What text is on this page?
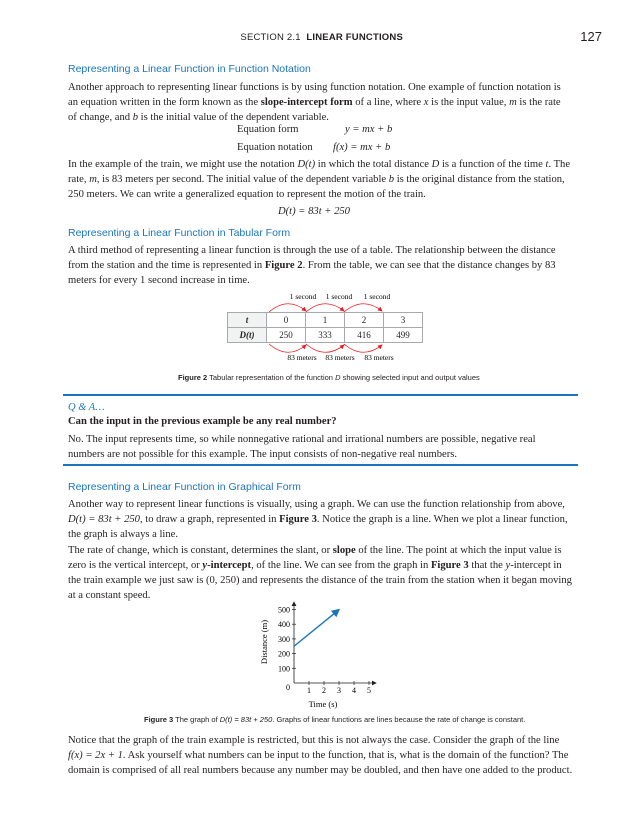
SECTION 2.1 LINEAR FUNCTIONS	127
Representing a Linear Function in Function Notation

Another approach to representing linear functions is by using function notation. One example of function notation is
an equation written in the form known as the slope-intercept form of a line, where x is the input value, m is the rate
of change, and b is the initial value of the dependent variable.

Equation form	y = mx + b
Equation notation f(x) = mx + b

In the example of the train, we might use the notation D(t) in which the total distance D is a function of the time t. The
rate, m, is 83 meters per second. The initial value of the dependent variable b is the original distance from the station,
250 meters. We can write a generalized equation to represent the motion of the train.

D(t) = 83t + 250
Representing a Linear Function in Tabular Form

A third method of representing a linear function is through the use of a table. The relationship between the distance
from the station and the time is represented in Figure 2. From the table, we can see that the distance changes by 83
meters for every 1 second increase in time.

1 second 1 second 1 second
83 meters 83 meters 83 meters
t	0	1	2	3
D(t)	250	333	416	499
Figure 2 Tabular representation of the function D showing selected input and output values
Q & A…

Can the input in the previous example be any real number?
No. The input represents time, so while nonnegative rational and irrational numbers are possible, negative real
numbers are not possible for this example. The input consists of non-negative real numbers.

Representing a Linear Function in Graphical Form

Another way to represent linear functions is visually, using a graph. We can use the function relationship from above,
D(t) = 83t + 250, to draw a graph, represented in Figure 3. Notice the graph is a line. When we plot a linear function,
the graph is always a line.

The rate of change, which is constant, determines the slant, or slope of the line. The point at which the input value is
zero is the vertical intercept, or y-intercept, of the line. We can see from the graph in Figure 3 that the y-intercept in
the train example we just saw is (0, 250) and represents the distance of the train from the station when it began moving
at a constant speed.

1 2 3 4 5
100
200
300
400
500
0
Time (s)
Distance (m)
Figure 3 The graph of D(t) = 83t + 250. Graphs of linear functions are lines because the rate of change is constant.

Notice that the graph of the train example is restricted, but this is not always the case. Consider the graph of the line
f(x) = 2x + 1. Ask yourself what numbers can be input to the function, that is, what is the domain of the function? The
domain is comprised of all real numbers because any number may be doubled, and then have one added to the product.
